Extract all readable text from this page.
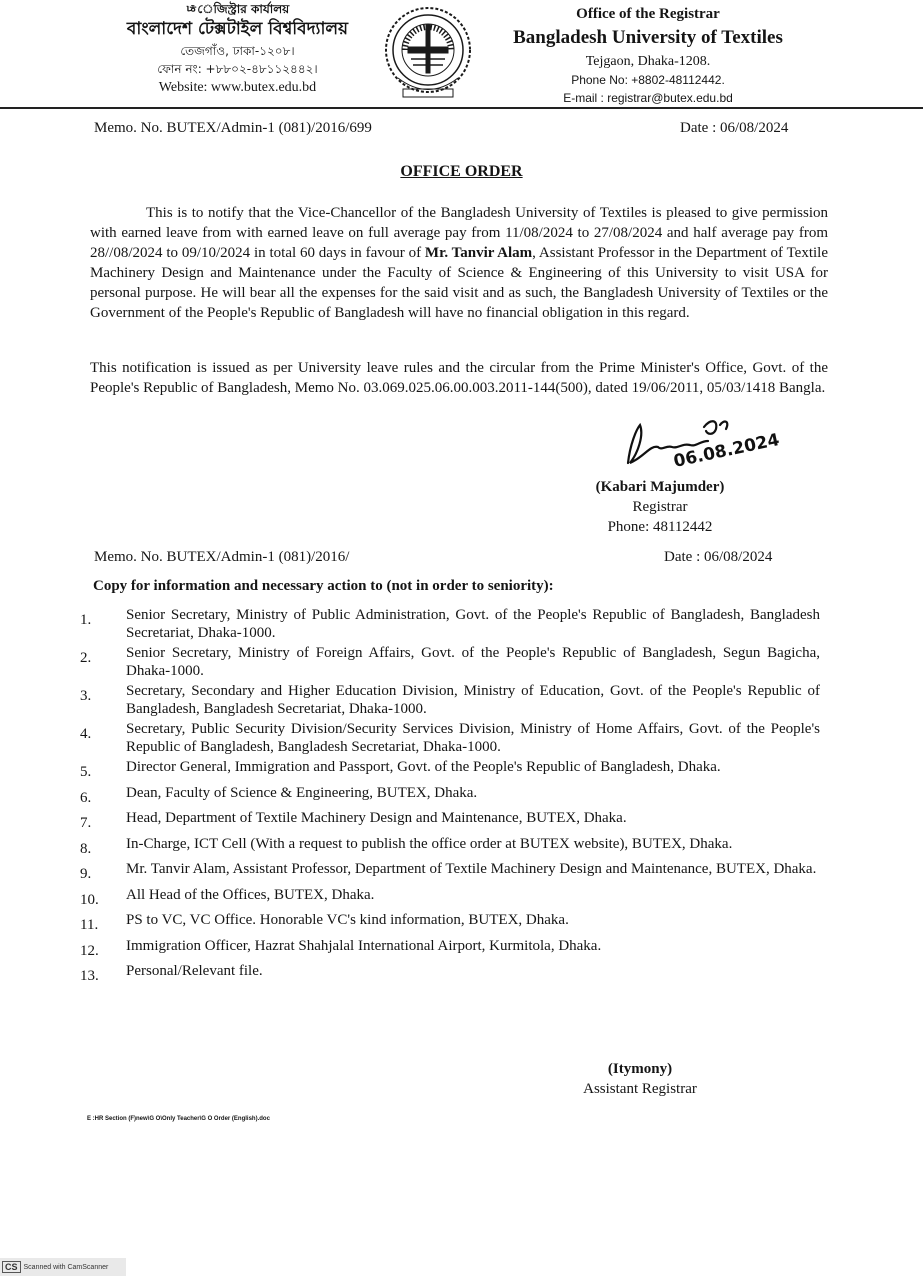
ﾦেজিস্ট্রার কার্যালয়
বাংলাদেশ টেক্সটাইল বিশ্ববিদ্যালয়
তেজগাঁও, ঢাকা-১২০৮।
ফোন নং: +৮৮০২-৪৮১১২৪৪২।
Website: www.butex.edu.bd
Office of the Registrar
Bangladesh University of Textiles
Tejgaon, Dhaka-1208.
Phone No: +8802-48112442.
E-mail : registrar@butex.edu.bd
Memo. No. BUTEX/Admin-1 (081)/2016/699	Date : 06/08/2024
OFFICE ORDER

This is to notify that the Vice-Chancellor of the Bangladesh University of Textiles is pleased to give permission with earned leave from with earned leave on full average pay from 11/08/2024 to 27/08/2024 and half average pay from 28//08/2024 to 09/10/2024 in total 60 days in favour of Mr. Tanvir Alam, Assistant Professor in the Department of Textile Machinery Design and Maintenance under the Faculty of Science & Engineering of this University to visit USA for personal purpose. He will bear all the expenses for the said visit and as such, the Bangladesh University of Textiles or the Government of the People's Republic of Bangladesh will have no financial obligation in this regard.

This notification is issued as per University leave rules and the circular from the Prime Minister's Office, Govt. of the People's Republic of Bangladesh, Memo No. 03.069.025.06.00.003.2011-144(500), dated 19/06/2011, 05/03/1418 Bangla.

06.08.2024
(Kabari Majumder)
Registrar
Phone: 48112442
Memo. No. BUTEX/Admin-1 (081)/2016/	Date : 06/08/2024
Copy for information and necessary action to (not in order to seniority):
1.	Senior Secretary, Ministry of Public Administration, Govt. of the People's Republic of Bangladesh, Bangladesh Secretariat, Dhaka-1000.
2.	Senior Secretary, Ministry of Foreign Affairs, Govt. of the People's Republic of Bangladesh, Segun Bagicha, Dhaka-1000.
3.	Secretary, Secondary and Higher Education Division, Ministry of Education, Govt. of the People's Republic of Bangladesh, Bangladesh Secretariat, Dhaka-1000.
4.	Secretary, Public Security Division/Security Services Division, Ministry of Home Affairs, Govt. of the People's Republic of Bangladesh, Bangladesh Secretariat, Dhaka-1000.
5.	Director General, Immigration and Passport, Govt. of the People's Republic of Bangladesh, Dhaka.
6.	Dean, Faculty of Science & Engineering, BUTEX, Dhaka.
7.	Head, Department of Textile Machinery Design and Maintenance, BUTEX, Dhaka.
8.	In-Charge, ICT Cell (With a request to publish the office order at BUTEX website), BUTEX, Dhaka.
9.	Mr. Tanvir Alam, Assistant Professor, Department of Textile Machinery Design and Maintenance, BUTEX, Dhaka.
10.	All Head of the Offices, BUTEX, Dhaka.
11.	PS to VC, VC Office. Honorable VC's kind information, BUTEX, Dhaka.
12.	Immigration Officer, Hazrat Shahjalal International Airport, Kurmitola, Dhaka.
13.	Personal/Relevant file.
(Itymony)
Assistant Registrar
E :HR Section (F)new\G O\Only Teacher\G O Order (English).doc
CS Scanned with CamScanner
